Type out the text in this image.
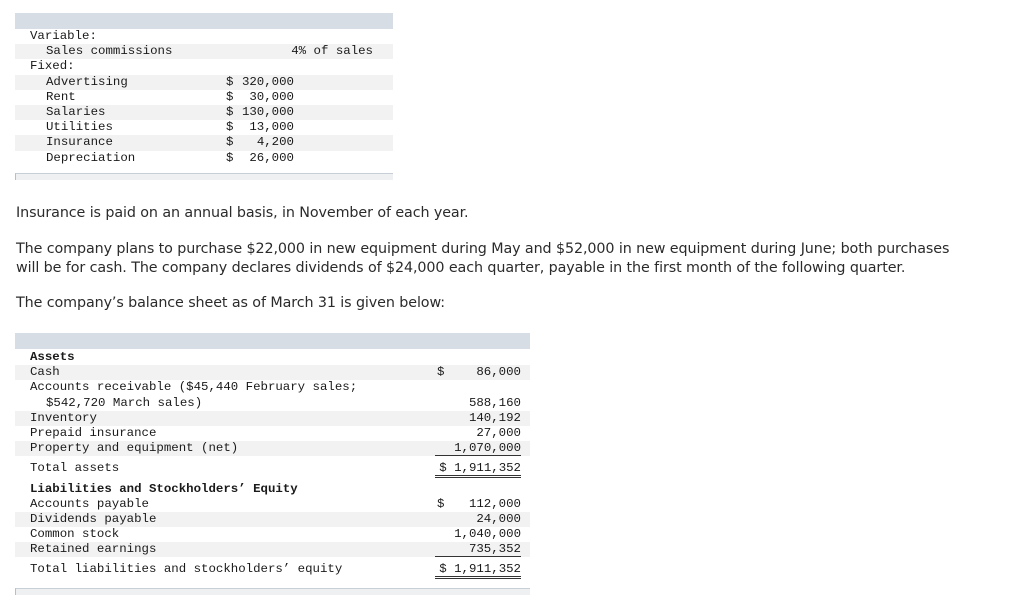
Variable:
Sales commissions	4% of sales
Fixed:
Advertising	$ 320,000
Rent	$ 30,000
Salaries	$ 130,000
Utilities	$ 13,000
Insurance	$ 4,200
Depreciation	$ 26,000
Insurance is paid on an annual basis, in November of each year.
The company plans to purchase $22,000 in new equipment during May and $52,000 in new equipment during June; both purchases will be for cash. The company declares dividends of $24,000 each quarter, payable in the first month of the following quarter.
The company’s balance sheet as of March 31 is given below:
Assets
Cash	$	86,000
Accounts receivable ($45,440 February sales;
$542,720 March sales)	588,160
Inventory	140,192
Prepaid insurance	27,000
Property and equipment (net)	1,070,000
Total assets	$ 1,911,352
Liabilities and Stockholders’ Equity
Accounts payable	$ 112,000
Dividends payable	24,000
Common stock	1,040,000
Retained earnings	735,352
Total liabilities and stockholders’ equity	$ 1,911,352
